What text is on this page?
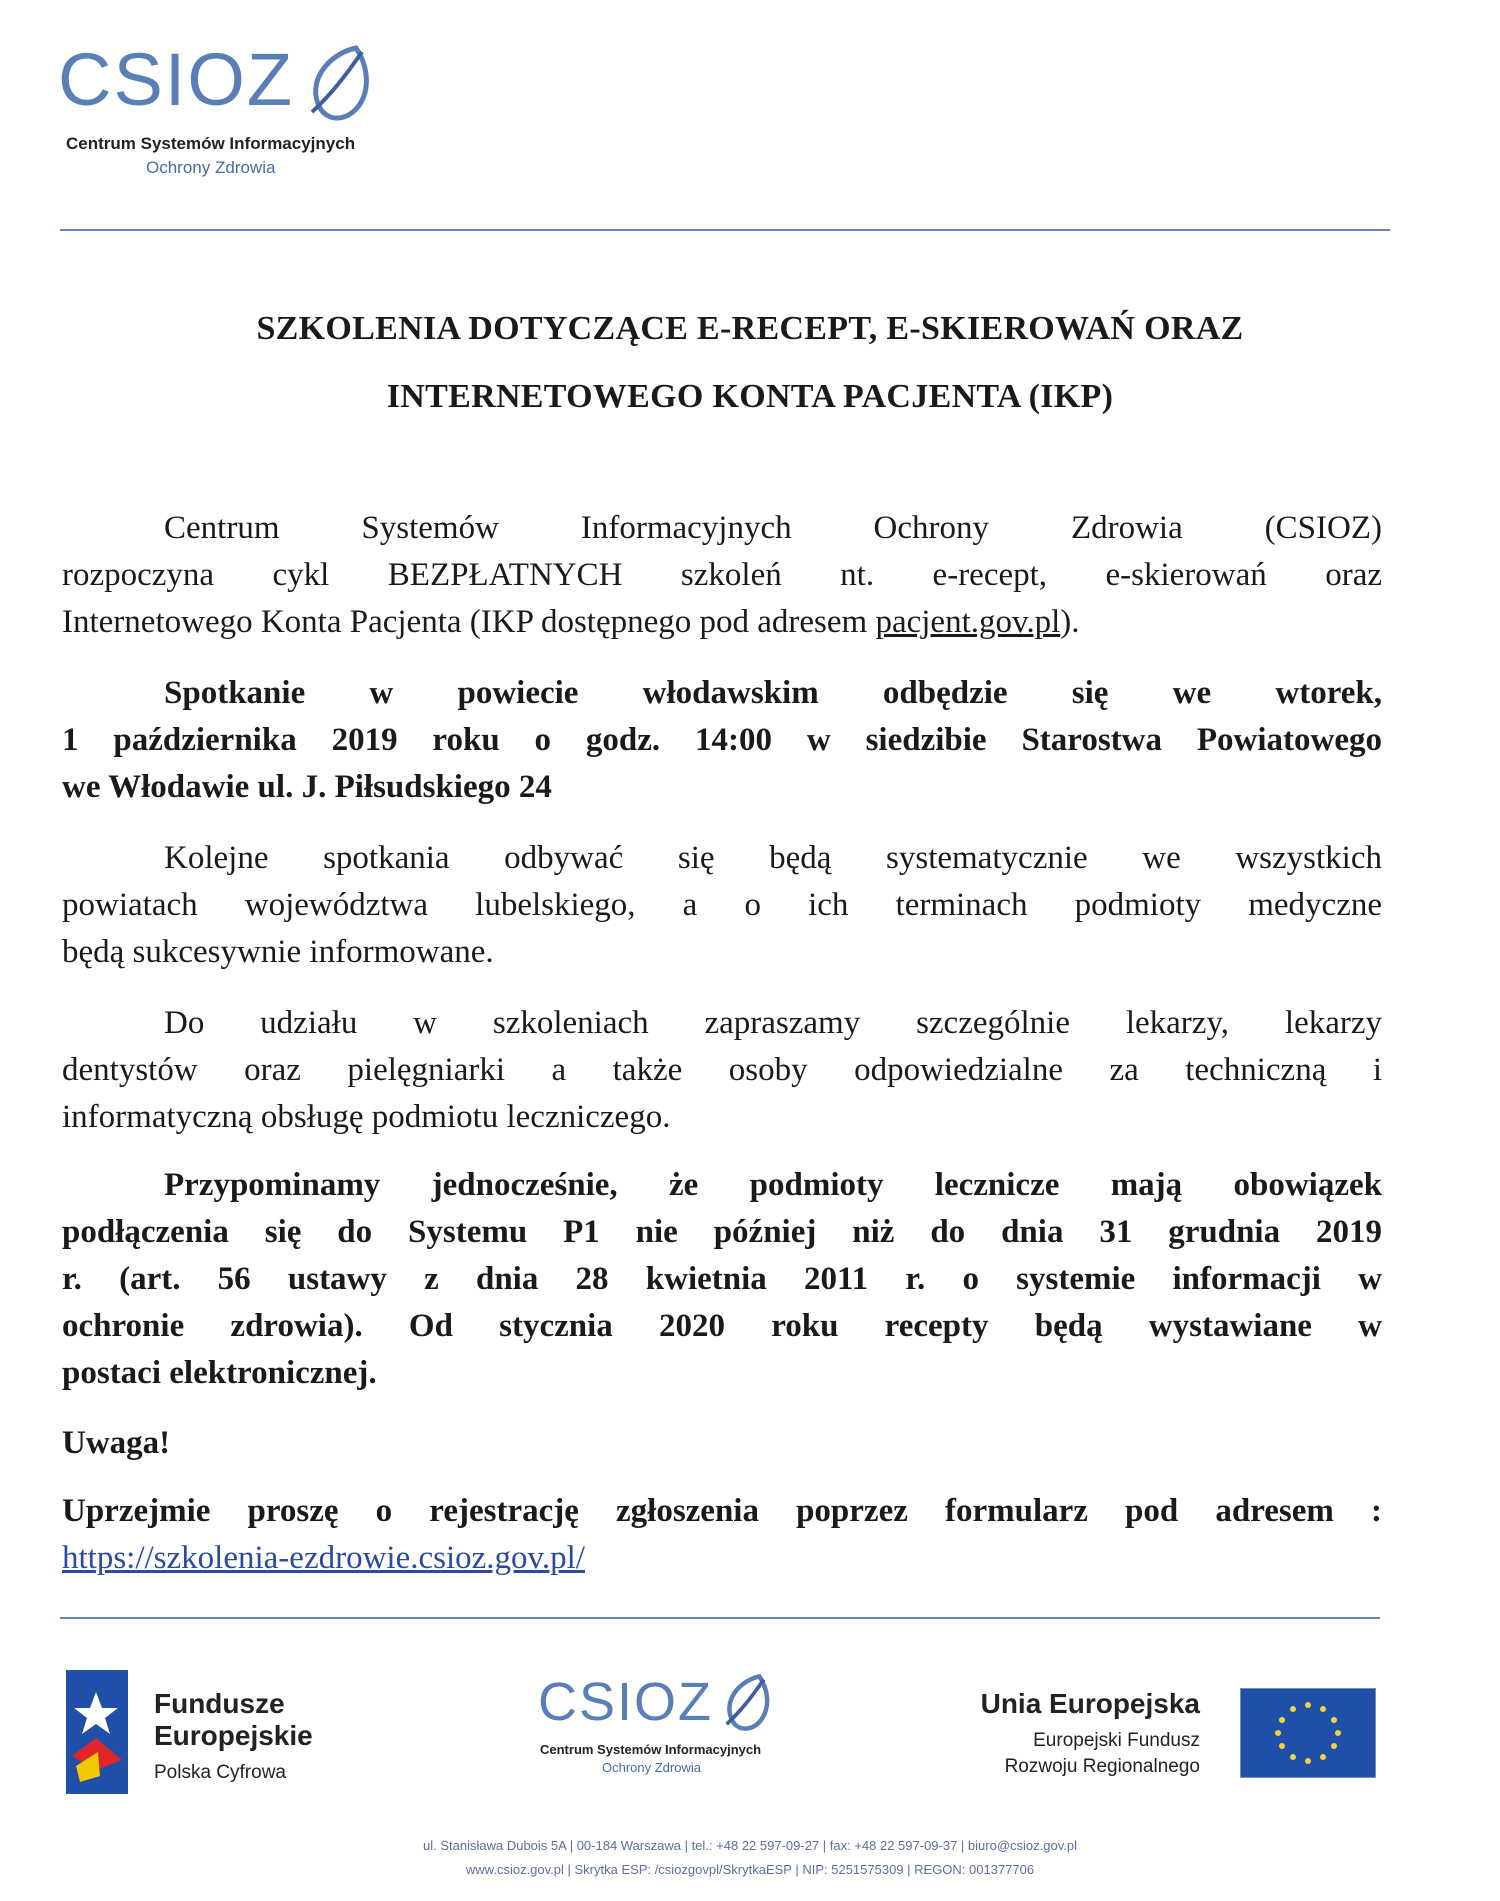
CSIOZ
Centrum Systemów Informacyjnych
Ochrony Zdrowia
SZKOLENIA DOTYCZĄCE E-RECEPT, E-SKIEROWAŃ ORAZ
INTERNETOWEGO KONTA PACJENTA (IKP)
Centrum Systemów Informacyjnych Ochrony Zdrowia (CSIOZ)
rozpoczyna cykl BEZPŁATNYCH szkoleń nt. e-recept, e-skierowań oraz
Internetowego Konta Pacjenta (IKP dostępnego pod adresem pacjent.gov.pl).
Spotkanie w powiecie włodawskim odbędzie się we wtorek,
1 października 2019 roku o godz. 14:00 w siedzibie Starostwa Powiatowego
we Włodawie ul. J. Piłsudskiego 24
Kolejne spotkania odbywać się będą systematycznie we wszystkich
powiatach województwa lubelskiego, a o ich terminach podmioty medyczne
będą sukcesywnie informowane.
Do udziału w szkoleniach zapraszamy szczególnie lekarzy, lekarzy
dentystów oraz pielęgniarki a także osoby odpowiedzialne za techniczną i
informatyczną obsługę podmiotu leczniczego.
Przypominamy jednocześnie, że podmioty lecznicze mają obowiązek
podłączenia się do Systemu P1 nie później niż do dnia 31 grudnia 2019
r. (art. 56 ustawy z dnia 28 kwietnia 2011 r. o systemie informacji w
ochronie zdrowia). Od stycznia 2020 roku recepty będą wystawiane w
postaci elektronicznej.
Uwaga!
Uprzejmie proszę o rejestrację zgłoszenia poprzez formularz pod adresem :
https://szkolenia-ezdrowie.csioz.gov.pl/
Fundusze
Europejskie
Polska Cyfrowa
CSIOZ
Centrum Systemów Informacyjnych
Ochrony Zdrowia
Unia Europejska
Europejski Fundusz
Rozwoju Regionalnego
ul. Stanisława Dubois 5A | 00-184 Warszawa | tel.: +48 22 597-09-27 | fax: +48 22 597-09-37 | biuro@csioz.gov.pl
www.csioz.gov.pl | Skrytka ESP: /csiozgovpl/SkrytkaESP | NIP: 5251575309 | REGON: 001377706
